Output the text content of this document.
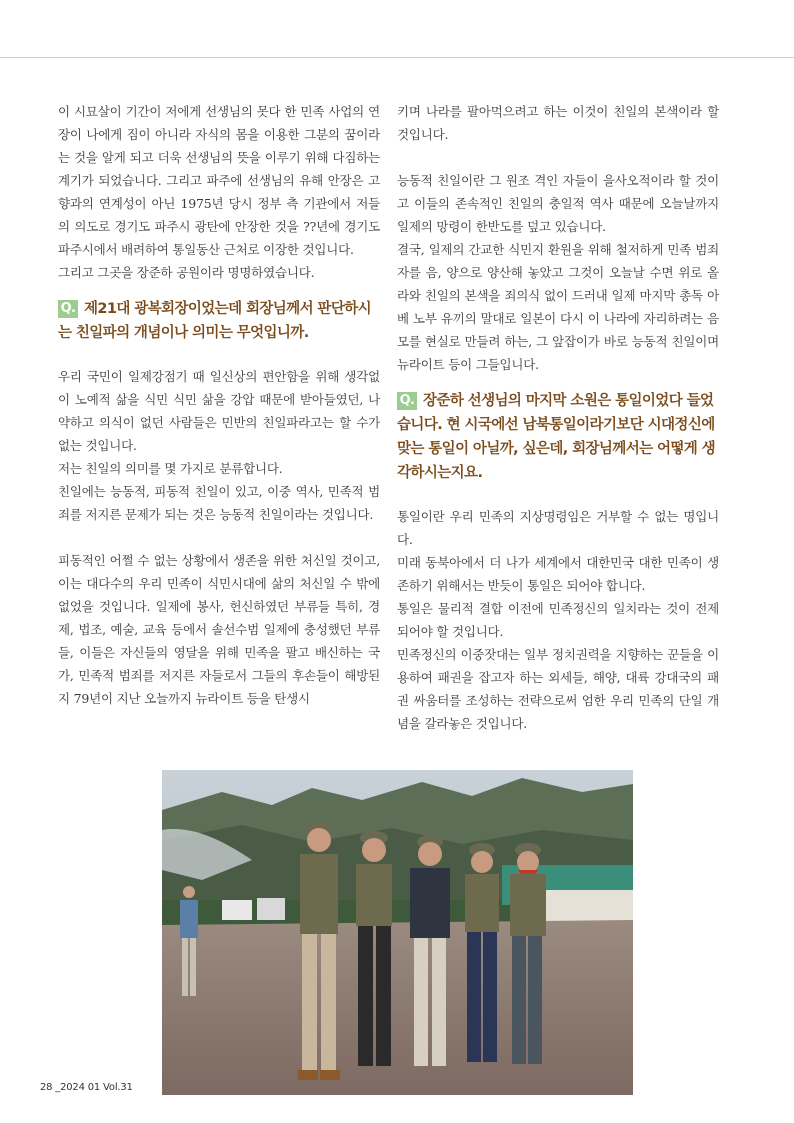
이 시묘살이 기간이 저에게 선생님의 못다 한 민족 사업의 연장이 나에게 짐이 아니라 자식의 몸을 이용한 그분의 꿈이라는 것을 알게 되고 더욱 선생님의 뜻을 이루기 위해 다짐하는 계기가 되었습니다. 그리고 파주에 선생님의 유해 안장은 고향과의 연계성이 아닌 1975년 당시 정부 측 기관에서 저들의 의도로 경기도 파주시 광탄에 안장한 것을 ??년에 경기도 파주시에서 배려하여 통일동산 근처로 이장한 것입니다.

그리고 그곳을 장준하 공원이라 명명하였습니다.

Q. 제21대 광복회장이었는데 회장님께서 판단하시는 친일파의 개념이나 의미는 무엇입니까.

우리 국민이 일제강점기 때 일신상의 편안함을 위해 생각없이 노예적 삶을 식민 식민 삶을 강압 때문에 받아들였던, 나약하고 의식이 없던 사람들은 민반의 친일파라고는 할 수가 없는 것입니다.

저는 친일의 의미를 몇 가지로 분류합니다.

친일에는 능동적, 피동적 친일이 있고, 이중 역사, 민족적 범죄를 저지른 문제가 되는 것은 능동적 친일이라는 것입니다.

피동적인 어쩔 수 없는 상황에서 생존을 위한 처신일 것이고, 이는 대다수의 우리 민족이 식민시대에 삶의 처신일 수 밖에 없었을 것입니다. 일제에 봉사, 헌신하였던 부류들 특히, 경제, 법조, 예술, 교육 등에서 솔선수범 일제에 충성했던 부류들, 이들은 자신들의 영달을 위해 민족을 팔고 배신하는 국가, 민족적 범죄를 저지른 자들로서 그들의 후손들이 해방된 지 79년이 지난 오늘까지 뉴라이트 등을 탄생시

키며 나라를 팔아먹으려고 하는 이것이 친일의 본색이라 할 것입니다.

능동적 친일이란 그 원조 격인 자들이 을사오적이라 할 것이고 이들의 존속적인 친일의 충일적 역사 때문에 오늘날까지 일제의 망령이 한반도를 덮고 있습니다.

결국, 일제의 간교한 식민지 환원을 위해 철저하게 민족 범죄자를 음, 양으로 양산해 놓았고 그것이 오늘날 수면 위로 올라와 친일의 본색을 죄의식 없이 드러내 일제 마지막 총독 아베 노부 유끼의 말대로 일본이 다시 이 나라에 자리하려는 음모를 현실로 만들려 하는, 그 앞잡이가 바로 능동적 친일이며 뉴라이트 등이 그들입니다.

Q. 장준하 선생님의 마지막 소원은 통일이었다 들었습니다. 현 시국에선 남북통일이라기보단 시대정신에 맞는 통일이 아닐까, 싶은데, 회장님께서는 어떻게 생각하시는지요.

통일이란 우리 민족의 지상명령임은 거부할 수 없는 명입니다.

미래 동북아에서 더 나가 세계에서 대한민국 대한 민족이 생존하기 위해서는 반듯이 통일은 되어야 합니다.

통일은 물리적 결합 이전에 민족정신의 일치라는 것이 전제되어야 할 것입니다.

민족정신의 이중잣대는 일부 정치권력을 지향하는 꾼들을 이용하여 패권을 잡고자 하는 외세들, 해양, 대륙 강대국의 패권 싸움터를 조성하는 전략으로써 엄한 우리 민족의 단일 개념을 갈라놓은 것입니다.

28 _2024 01 Vol.31
